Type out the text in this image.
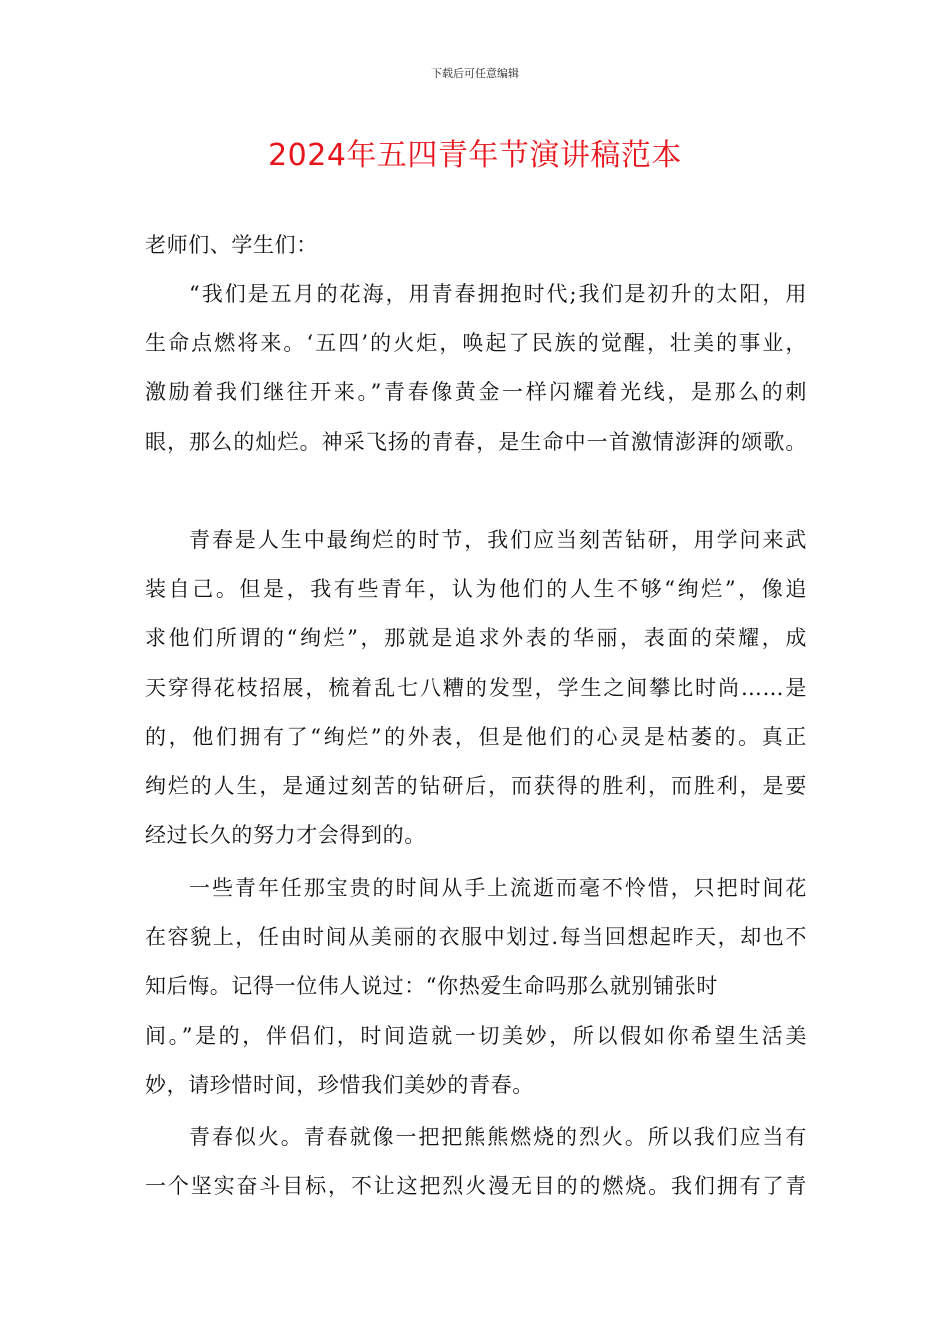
下载后可任意编辑
2024年五四青年节演讲稿范本
老师们、学生们：
“我们是五月的花海，用青春拥抱时代;我们是初升的太阳，用
生命点燃将来。‘五四’的火炬，唤起了民族的觉醒，壮美的事业，
激励着我们继往开来。”青春像黄金一样闪耀着光线，是那么的刺
眼，那么的灿烂。神采飞扬的青春，是生命中一首激情澎湃的颂歌。
青春是人生中最绚烂的时节，我们应当刻苦钻研，用学问来武
装自己。但是，我有些青年，认为他们的人生不够“绚烂”，像追
求他们所谓的“绚烂”，那就是追求外表的华丽，表面的荣耀，成
天穿得花枝招展，梳着乱七八糟的发型，学生之间攀比时尚……是
的，他们拥有了“绚烂”的外表，但是他们的心灵是枯萎的。真正
绚烂的人生，是通过刻苦的钻研后，而获得的胜利，而胜利，是要
经过长久的努力才会得到的。
一些青年任那宝贵的时间从手上流逝而毫不怜惜，只把时间花
在容貌上，任由时间从美丽的衣服中划过.每当回想起昨天，却也不
知后悔。记得一位伟人说过：“你热爱生命吗那么就别铺张时
间。”是的，伴侣们，时间造就一切美妙，所以假如你希望生活美
妙，请珍惜时间，珍惜我们美妙的青春。
青春似火。青春就像一把把熊熊燃烧的烈火。所以我们应当有
一个坚实奋斗目标，不让这把烈火漫无目的的燃烧。我们拥有了青
